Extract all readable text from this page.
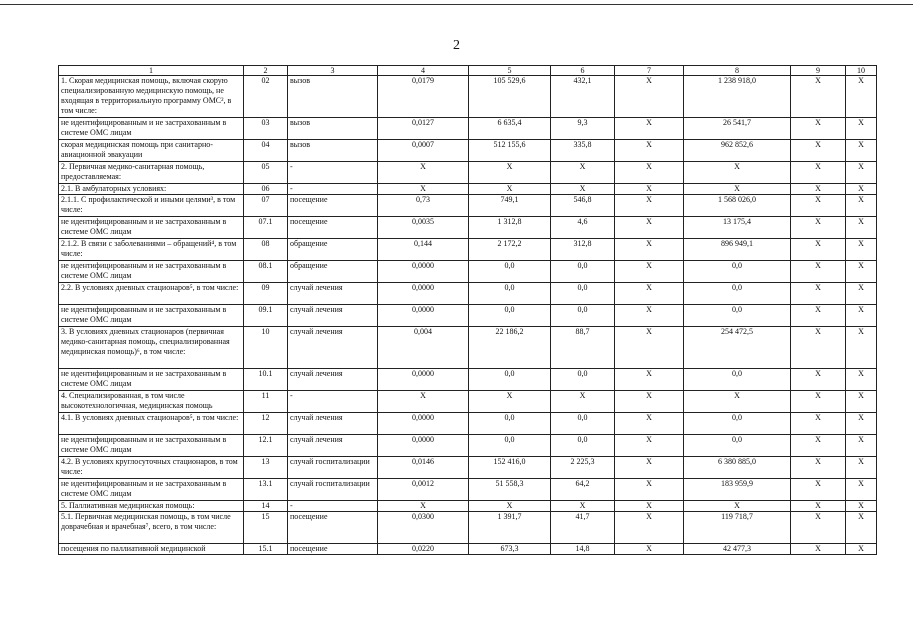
2
1	2	3	4	5	6	7	8	9	10
1. Скорая медицинская помощь, включая скорую специализированную медицинскую помощь, не входящая в территориальную программу ОМС², в том числе:	02	вызов	0,0179	105 529,6	432,1	X	1 238 918,0	X	X
не идентифицированным и не застрахованным в системе ОМС лицам	03	вызов	0,0127	6 635,4	9,3	X	26 541,7	X	X
скорая медицинская помощь при санитарно-авиационной эвакуации	04	вызов	0,0007	512 155,6	335,8	X	962 852,6	X	X
2. Первичная медико-санитарная помощь, предоставляемая:	05	-	X	X	X	X	X	X	X
2.1. В амбулаторных условиях:	06	-	X	X	X	X	X	X	X
2.1.1. С профилактической и иными целями³, в том числе:	07	посещение	0,73	749,1	546,8	X	1 568 026,0	X	X
не идентифицированным и не застрахованным в системе ОМС лицам	07.1	посещение	0,0035	1 312,8	4,6	X	13 175,4	X	X
2.1.2. В связи с заболеваниями – обращений⁴, в том числе:	08	обращение	0,144	2 172,2	312,8	X	896 949,1	X	X
не идентифицированным и не застрахованным в системе ОМС лицам	08.1	обращение	0,0000	0,0	0,0	X	0,0	X	X
2.2. В условиях дневных стационаров⁵, в том числе:	09	случай лечения	0,0000	0,0	0,0	X	0,0	X	X
не идентифицированным и не застрахованным в системе ОМС лицам	09.1	случай лечения	0,0000	0,0	0,0	X	0,0	X	X
3. В условиях дневных стационаров (первичная медико-санитарная помощь, специализированная медицинская помощь)⁶, в том числе:	10	случай лечения	0,004	22 186,2	88,7	X	254 472,5	X	X
не идентифицированным и не застрахованным в системе ОМС лицам	10.1	случай лечения	0,0000	0,0	0,0	X	0,0	X	X
4. Специализированная, в том числе высокотехнологичная, медицинская помощь	11	-	X	X	X	X	X	X	X
4.1. В условиях дневных стационаров⁵, в том числе:	12	случай лечения	0,0000	0,0	0,0	X	0,0	X	X
не идентифицированным и не застрахованным в системе ОМС лицам	12.1	случай лечения	0,0000	0,0	0,0	X	0,0	X	X
4.2. В условиях круглосуточных стационаров, в том числе:	13	случай госпитализации	0,0146	152 416,0	2 225,3	X	6 380 885,0	X	X
не идентифицированным и не застрахованным в системе ОМС лицам	13.1	случай госпитализации	0,0012	51 558,3	64,2	X	183 959,9	X	X
5. Паллиативная медицинская помощь:	14	-	X	X	X	X	X	X	X
5.1. Первичная медицинская помощь, в том числе доврачебная и врачебная⁷, всего, в том числе:	15	посещение	0,0300	1 391,7	41,7	X	119 718,7	X	X
посещения по паллиативной медицинской	15.1	посещение	0,0220	673,3	14,8	X	42 477,3	X	X
